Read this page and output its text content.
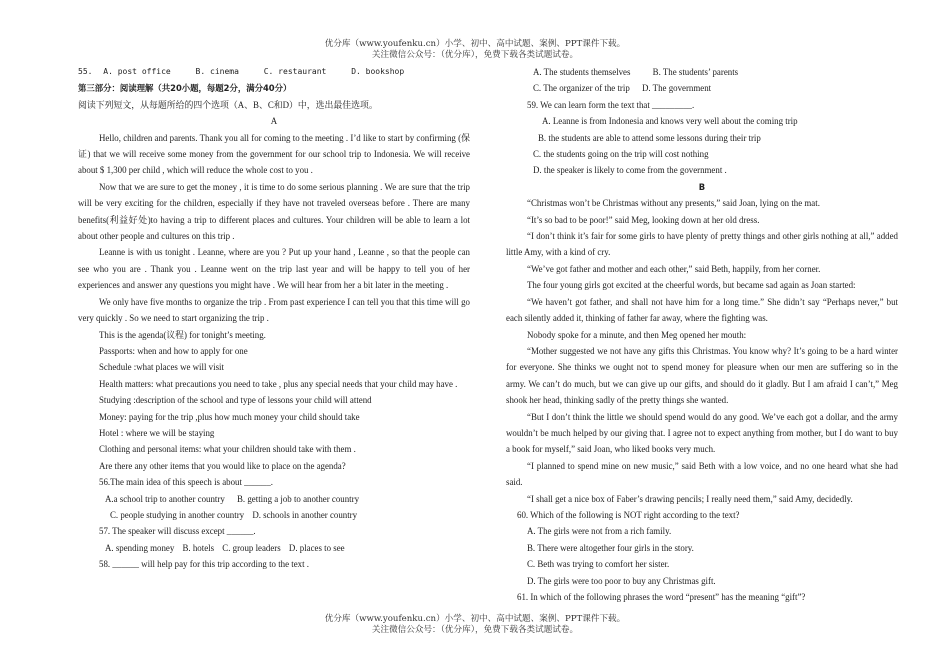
优分库（www.youfenku.cn）小学、初中、高中试题、案例、PPT课件下载。
关注微信公众号：（优分库），免费下载各类试题试卷。

55. A. post office	B. cinema	C. restaurant	D. bookshop

第三部分：阅读理解（共20小题，每题2分，满分40分）

阅读下列短文，从每题所给的四个选项（A、B、C和D）中，选出最佳选项。

A

Hello, children and parents. Thank you all for coming to the meeting . I’d like to start by confirming (保证) that we will receive some money from the government for our school trip to Indonesia. We will receive about $ 1,300 per child , which will reduce the whole cost to you .

Now that we are sure to get the money , it is time to do some serious planning . We are sure that the trip will be very exciting for the children, especially if they have not traveled overseas before . There are many benefits(利益好处)to having a trip to different places and cultures. Your children will be able to learn a lot about other people and cultures on this trip .

Leanne is with us tonight . Leanne, where are you ? Put up your hand , Leanne , so that the people can see who you are . Thank you . Leanne went on the trip last year and will be happy to tell you of her experiences and answer any questions you might have . We will hear from her a bit later in the meeting .

We only have five months to organize the trip . From past experience I can tell you that this time will go very quickly . So we need to start organizing the trip .

This is the agenda(议程) for tonight’s meeting.

Passports: when and how to apply for one

Schedule :what places we will visit

Health matters: what precautions you need to take , plus any special needs that your child may have .

Studying :description of the school and type of lessons your child will attend

Money: paying for the trip ,plus how much money your child should take

Hotel : where we will be staying

Clothing and personal items: what your children should take with them .

Are there any other items that you would like to place on the agenda?

56.The main idea of this speech is about ______.

A.a school trip to another country B. getting a job to another country

C. people studying in another country D. schools in another country

57. The speaker will discuss except ______.

A. spending money B. hotels C. group leaders D. places to see

58. ______ will help pay for this trip according to the text .

A. The students themselves B. The students’ parents

C. The organizer of the trip D. The government

59. We can learn form the text that _________.

A. Leanne is from Indonesia and knows very well about the coming trip

B. the students are able to attend some lessons during their trip

C. the students going on the trip will cost nothing

D. the speaker is likely to come from the government .

B

“Christmas won’t be Christmas without any presents,” said Joan, lying on the mat.

“It’s so bad to be poor!” said Meg, looking down at her old dress.

“I don’t think it’s fair for some girls to have plenty of pretty things and other girls nothing at all,” added little Amy, with a kind of cry.

“We’ve got father and mother and each other,” said Beth, happily, from her corner.

The four young girls got excited at the cheerful words, but became sad again as Joan started:

“We haven’t got father, and shall not have him for a long time.” She didn’t say “Perhaps never,” but each silently added it, thinking of father far away, where the fighting was.

Nobody spoke for a minute, and then Meg opened her mouth:

“Mother suggested we not have any gifts this Christmas. You know why? It’s going to be a hard winter for everyone. She thinks we ought not to spend money for pleasure when our men are suffering so in the army. We can’t do much, but we can give up our gifts, and should do it gladly. But I am afraid I can’t,” Meg shook her head, thinking sadly of the pretty things she wanted.

“But I don’t think the little we should spend would do any good. We’ve each got a dollar, and the army wouldn’t be much helped by our giving that. I agree not to expect anything from mother, but I do want to buy a book for myself,” said Joan, who liked books very much.

“I planned to spend mine on new music,” said Beth with a low voice, and no one heard what she had said.

“I shall get a nice box of Faber’s drawing pencils; I really need them,” said Amy, decidedly.

60. Which of the following is NOT right according to the text?

A. The girls were not from a rich family.

B. There were altogether four girls in the story.

C. Beth was trying to comfort her sister.

D. The girls were too poor to buy any Christmas gift.

61. In which of the following phrases the word “present” has the meaning “gift”?

优分库（www.youfenku.cn）小学、初中、高中试题、案例、PPT课件下载。
关注微信公众号：（优分库），免费下载各类试题试卷。
